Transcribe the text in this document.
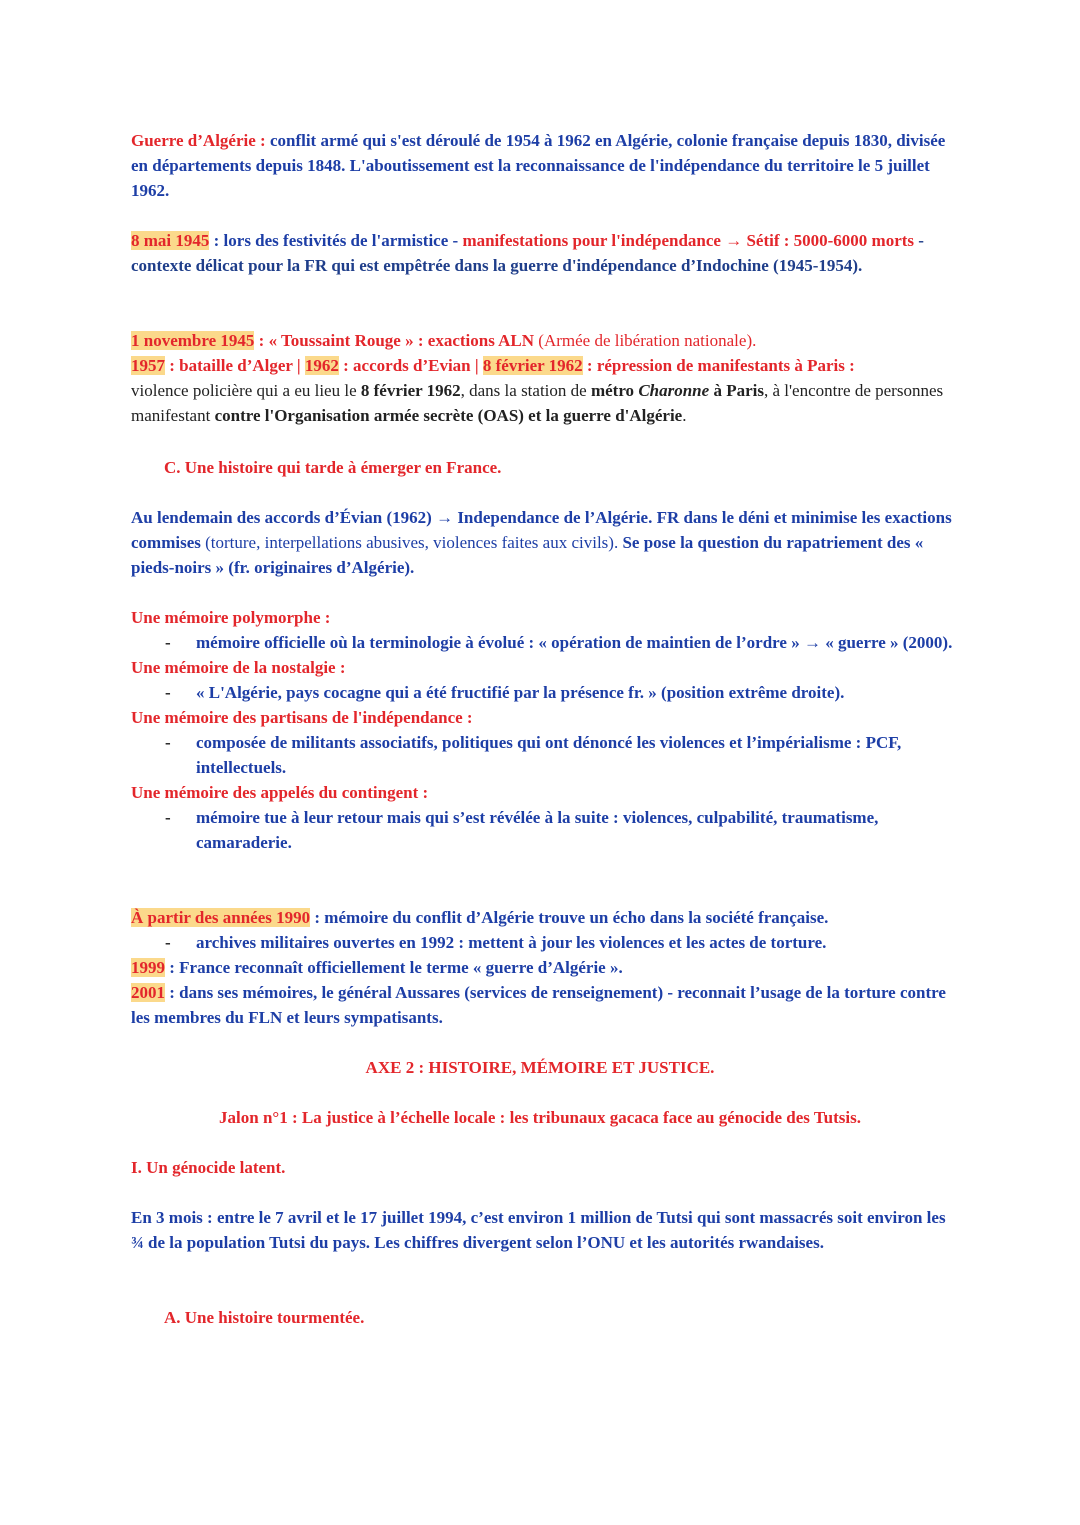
Guerre d’Algérie : conflit armé qui s'est déroulé de 1954 à 1962 en Algérie, colonie française depuis 1830, divisée en départements depuis 1848. L'aboutissement est la reconnaissance de l'indépendance du territoire le 5 juillet 1962.
8 mai 1945 : lors des festivités de l'armistice - manifestations pour l'indépendance → Sétif : 5000-6000 morts - contexte délicat pour la FR qui est empêtrée dans la guerre d'indépendance d’Indochine (1945-1954).
1 novembre 1945 : « Toussaint Rouge » : exactions ALN (Armée de libération nationale).
1957 : bataille d’Alger | 1962 : accords d’Evian | 8 février 1962 : répression de manifestants à Paris :
violence policière qui a eu lieu le 8 février 1962, dans la station de métro Charonne à Paris, à l'encontre de personnes manifestant contre l'Organisation armée secrète (OAS) et la guerre d'Algérie.
C. Une histoire qui tarde à émerger en France.
Au lendemain des accords d’Évian (1962) → Independance de l’Algérie. FR dans le déni et minimise les exactions commises (torture, interpellations abusives, violences faites aux civils). Se pose la question du rapatriement des « pieds-noirs » (fr. originaires d’Algérie).
Une mémoire polymorphe :
- mémoire officielle où la terminologie à évolué : « opération de maintien de l’ordre » → « guerre » (2000).
Une mémoire de la nostalgie :
- « L'Algérie, pays cocagne qui a été fructifié par la présence fr. » (position extrême droite).
Une mémoire des partisans de l'indépendance :
- composée de militants associatifs, politiques qui ont dénoncé les violences et l’impérialisme : PCF, intellectuels.
Une mémoire des appelés du contingent :
- mémoire tue à leur retour mais qui s’est révélée à la suite : violences, culpabilité, traumatisme, camaraderie.
À partir des années 1990 : mémoire du conflit d’Algérie trouve un écho dans la société française.
- archives militaires ouvertes en 1992 : mettent à jour les violences et les actes de torture.
1999 : France reconnaît officiellement le terme « guerre d’Algérie ».
2001 : dans ses mémoires, le général Aussares (services de renseignement) - reconnait l’usage de la torture contre les membres du FLN et leurs sympatisants.
AXE 2 : HISTOIRE, MÉMOIRE ET JUSTICE.
Jalon n°1 : La justice à l’échelle locale : les tribunaux gacaca face au génocide des Tutsis.
I. Un génocide latent.
En 3 mois : entre le 7 avril et le 17 juillet 1994, c’est environ 1 million de Tutsi qui sont massacrés soit environ les ¾ de la population Tutsi du pays. Les chiffres divergent selon l’ONU et les autorités rwandaises.
A. Une histoire tourmentée.
